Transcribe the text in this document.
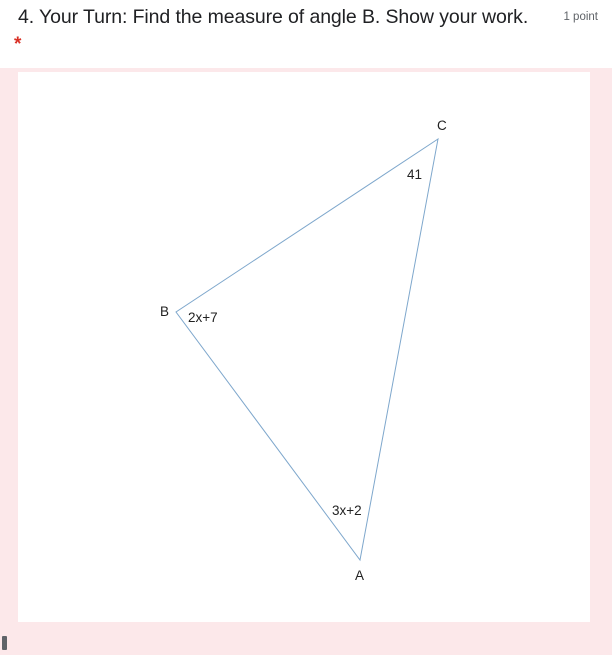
4. Your Turn: Find the measure of angle B. Show your work.	1 point
*
C
41
B 2x+7
3x+2
A
